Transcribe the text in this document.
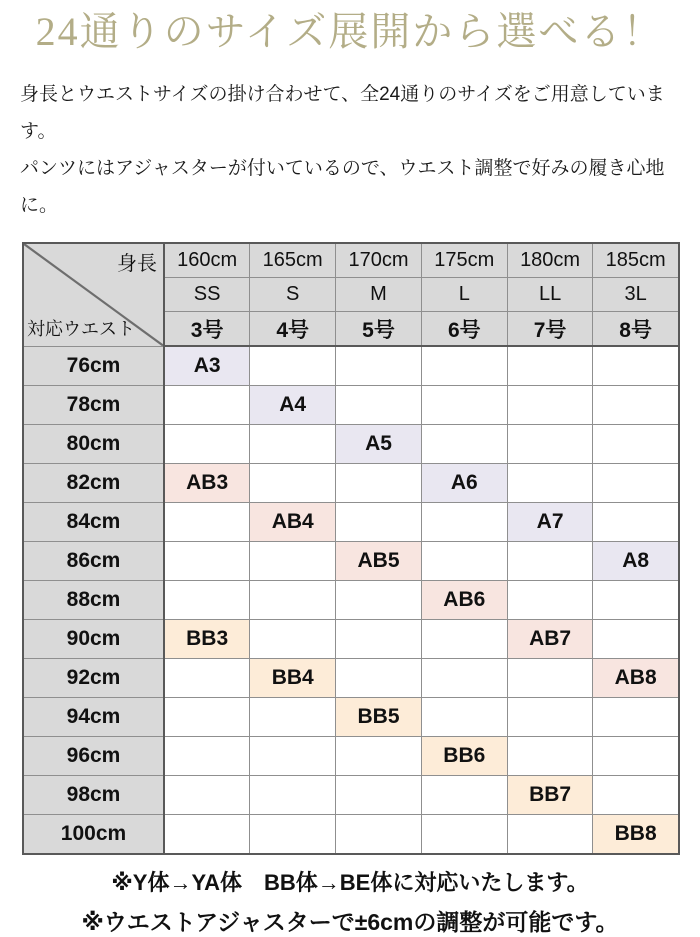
24通りのサイズ展開から選べる！
身長とウエストサイズの掛け合わせて、全24通りのサイズをご用意しています。
パンツにはアジャスターが付いているので、ウエスト調整で好みの履き心地に。
身長
対応ウエスト	160cm	165cm	170cm	175cm	180cm	185cm
	SS	S	M	L	LL	3L
	3号	4号	5号	6号	7号	8号
76cm	A3					
78cm		A4				
80cm			A5			
82cm	AB3			A6		
84cm		AB4			A7	
86cm			AB5			A8
88cm				AB6		
90cm	BB3				AB7	
92cm		BB4				AB8
94cm			BB5			
96cm				BB6		
98cm					BB7	
100cm						BB8
※Y体→YA体　BB体→BE体に対応いたします。
※ウエストアジャスターで±6cmの調整が可能です。
